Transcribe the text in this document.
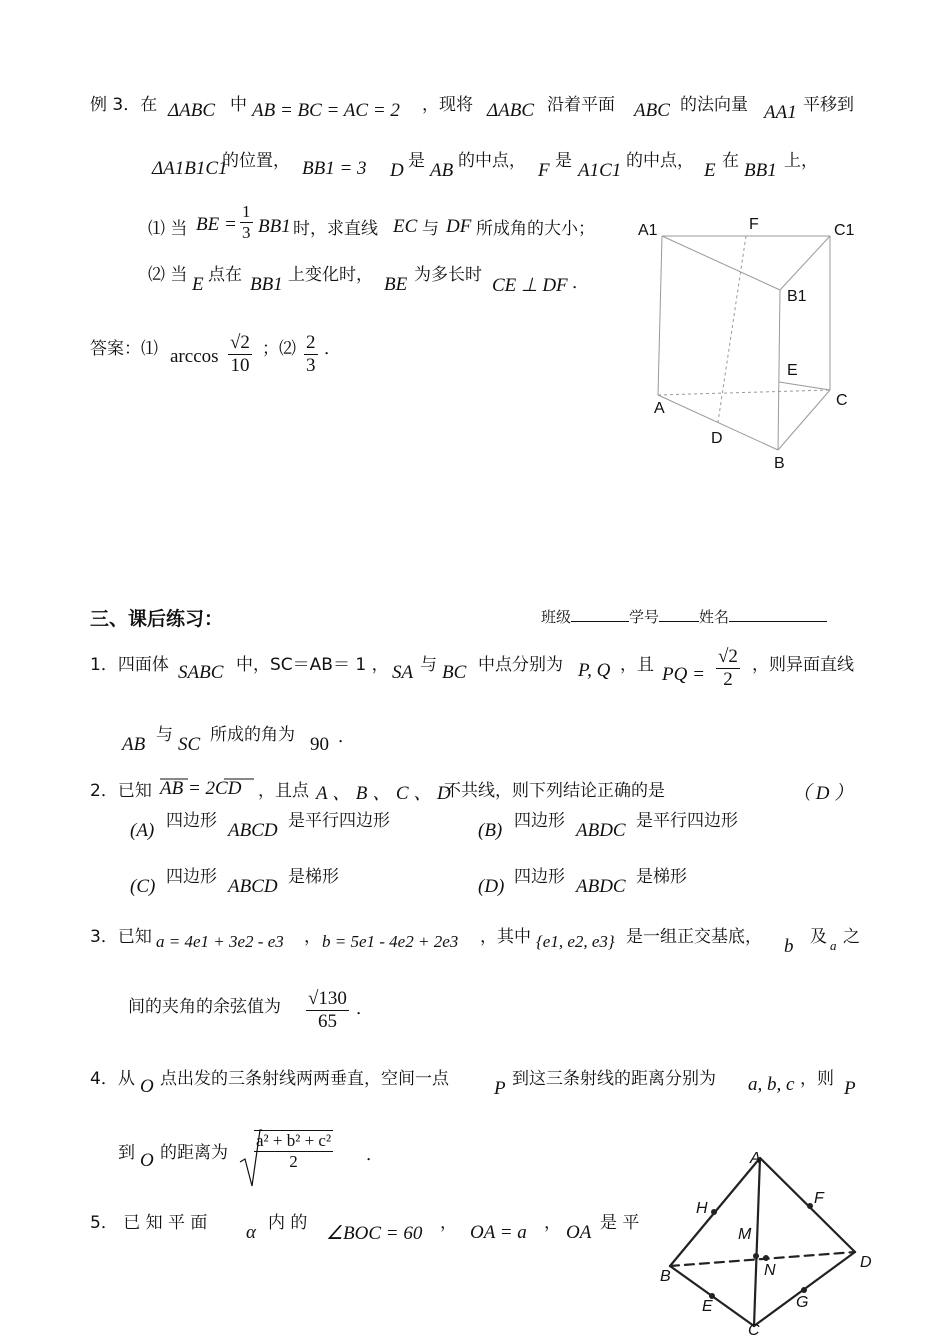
例 3．在 ΔABC 中 AB = BC = AC = 2 ，现将 ΔABC 沿着平面 ABC 的法向量 AA1 平移到
ΔA1B1C1
的位置， BB1 = 3 D 是 AB 的中点， F 是 A1C1 的中点， E 在 BB1 上，
⑴ 当 BE = $\frac{1}{3} BB1$ 时，求直线 EC 与 DF 所成角的大小；
⑵ 当 E 点在 BB1 上变化时， BE 为多长时 CE ⊥ DF ．
答案：⑴ $\arccos \frac{√2}{10}$ ；⑵ $\frac{2}{3}$ ．
A1	F	C1
B1
E
A	C
D
B
三、课后练习：	班级	学号	姓名
1．四面体 SABC 中，SC＝AB＝ 1 ， SA 与 BC 中点分别为 P, Q ，且 PQ = $\frac{√2}{2}$ ，则异面直线
AB 与 SC 所成的角为 90 ．
2．已知 AB = 2CD ，且点 A 、 B 、 C 、 D
不共线，则下列结论正确的是	（ D ）
(A) 四边形 ABCD 是平行四边形	(B) 四边形 ABDC 是平行四边形
(C) 四边形 ABCD 是梯形	(D) 四边形 ABDC 是梯形
3．已知 a = 4e1 + 3e2 - e3 ， b = 5e1 - 4e2 + 2e3 ，其中 {e1, e2, e3} 是一组正交基底， b 及 a 之
间的夹角的余弦值为 $\frac{√130}{65}$ ．
4．从 O 点出发的三条射线两两垂直，空间一点 P 到这三条射线的距离分别为 a, b, c ，则 P
到 O 的距离为 $\frac{\text{a² + b² + c²}}{2}$ ．
5． 已 知 平 面 α 内 的 ∠BOC = 60 ， OA = a ， OA 是 平
A
H
F
M
N
B
D
E	G
C
